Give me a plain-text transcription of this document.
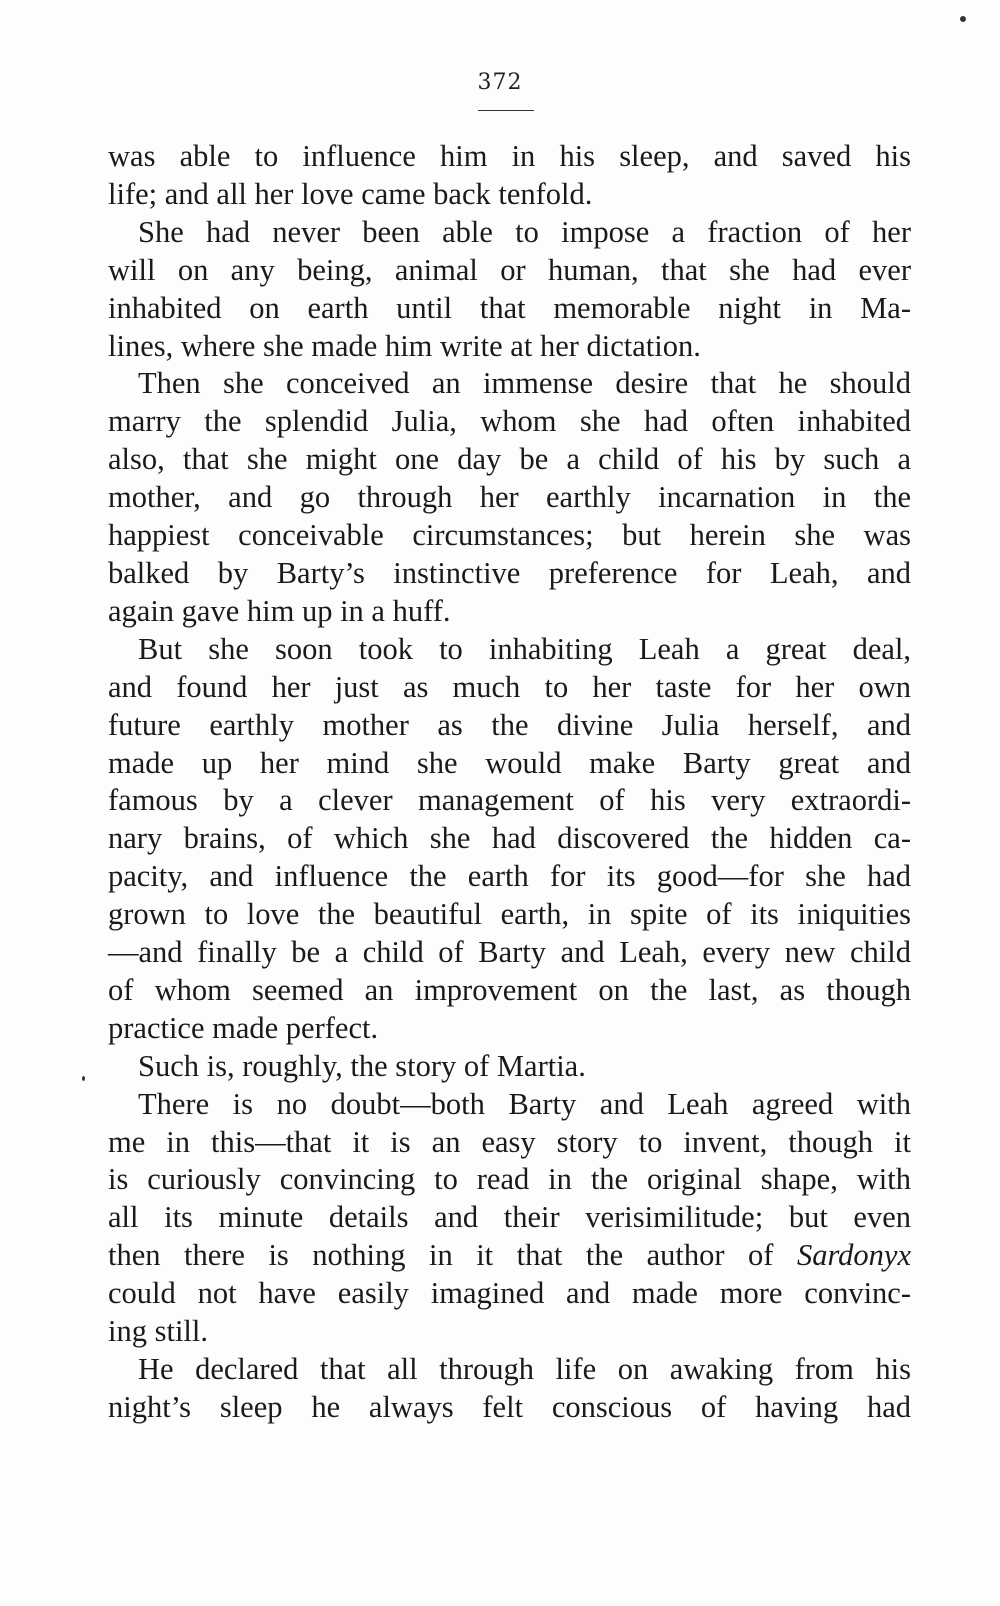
372
was able to influence him in his sleep, and saved his
life; and all her love came back tenfold.
She had never been able to impose a fraction of her
will on any being, animal or human, that she had ever
inhabited on earth until that memorable night in Ma-
lines, where she made him write at her dictation.
Then she conceived an immense desire that he should
marry the splendid Julia, whom she had often inhabited
also, that she might one day be a child of his by such a
mother, and go through her earthly incarnation in the
happiest conceivable circumstances; but herein she was
balked by Barty’s instinctive preference for Leah, and
again gave him up in a huff.
But she soon took to inhabiting Leah a great deal,
and found her just as much to her taste for her own
future earthly mother as the divine Julia herself, and
made up her mind she would make Barty great and
famous by a clever management of his very extraordi-
nary brains, of which she had discovered the hidden ca-
pacity, and influence the earth for its good—for she had
grown to love the beautiful earth, in spite of its iniquities
—and finally be a child of Barty and Leah, every new child
of whom seemed an improvement on the last, as though
practice made perfect.
Such is, roughly, the story of Martia.
There is no doubt—both Barty and Leah agreed with
me in this—that it is an easy story to invent, though it
is curiously convincing to read in the original shape, with
all its minute details and their verisimilitude; but even
then there is nothing in it that the author of Sardonyx
could not have easily imagined and made more convinc-
ing still.
He declared that all through life on awaking from his
night’s sleep he always felt conscious of having had
